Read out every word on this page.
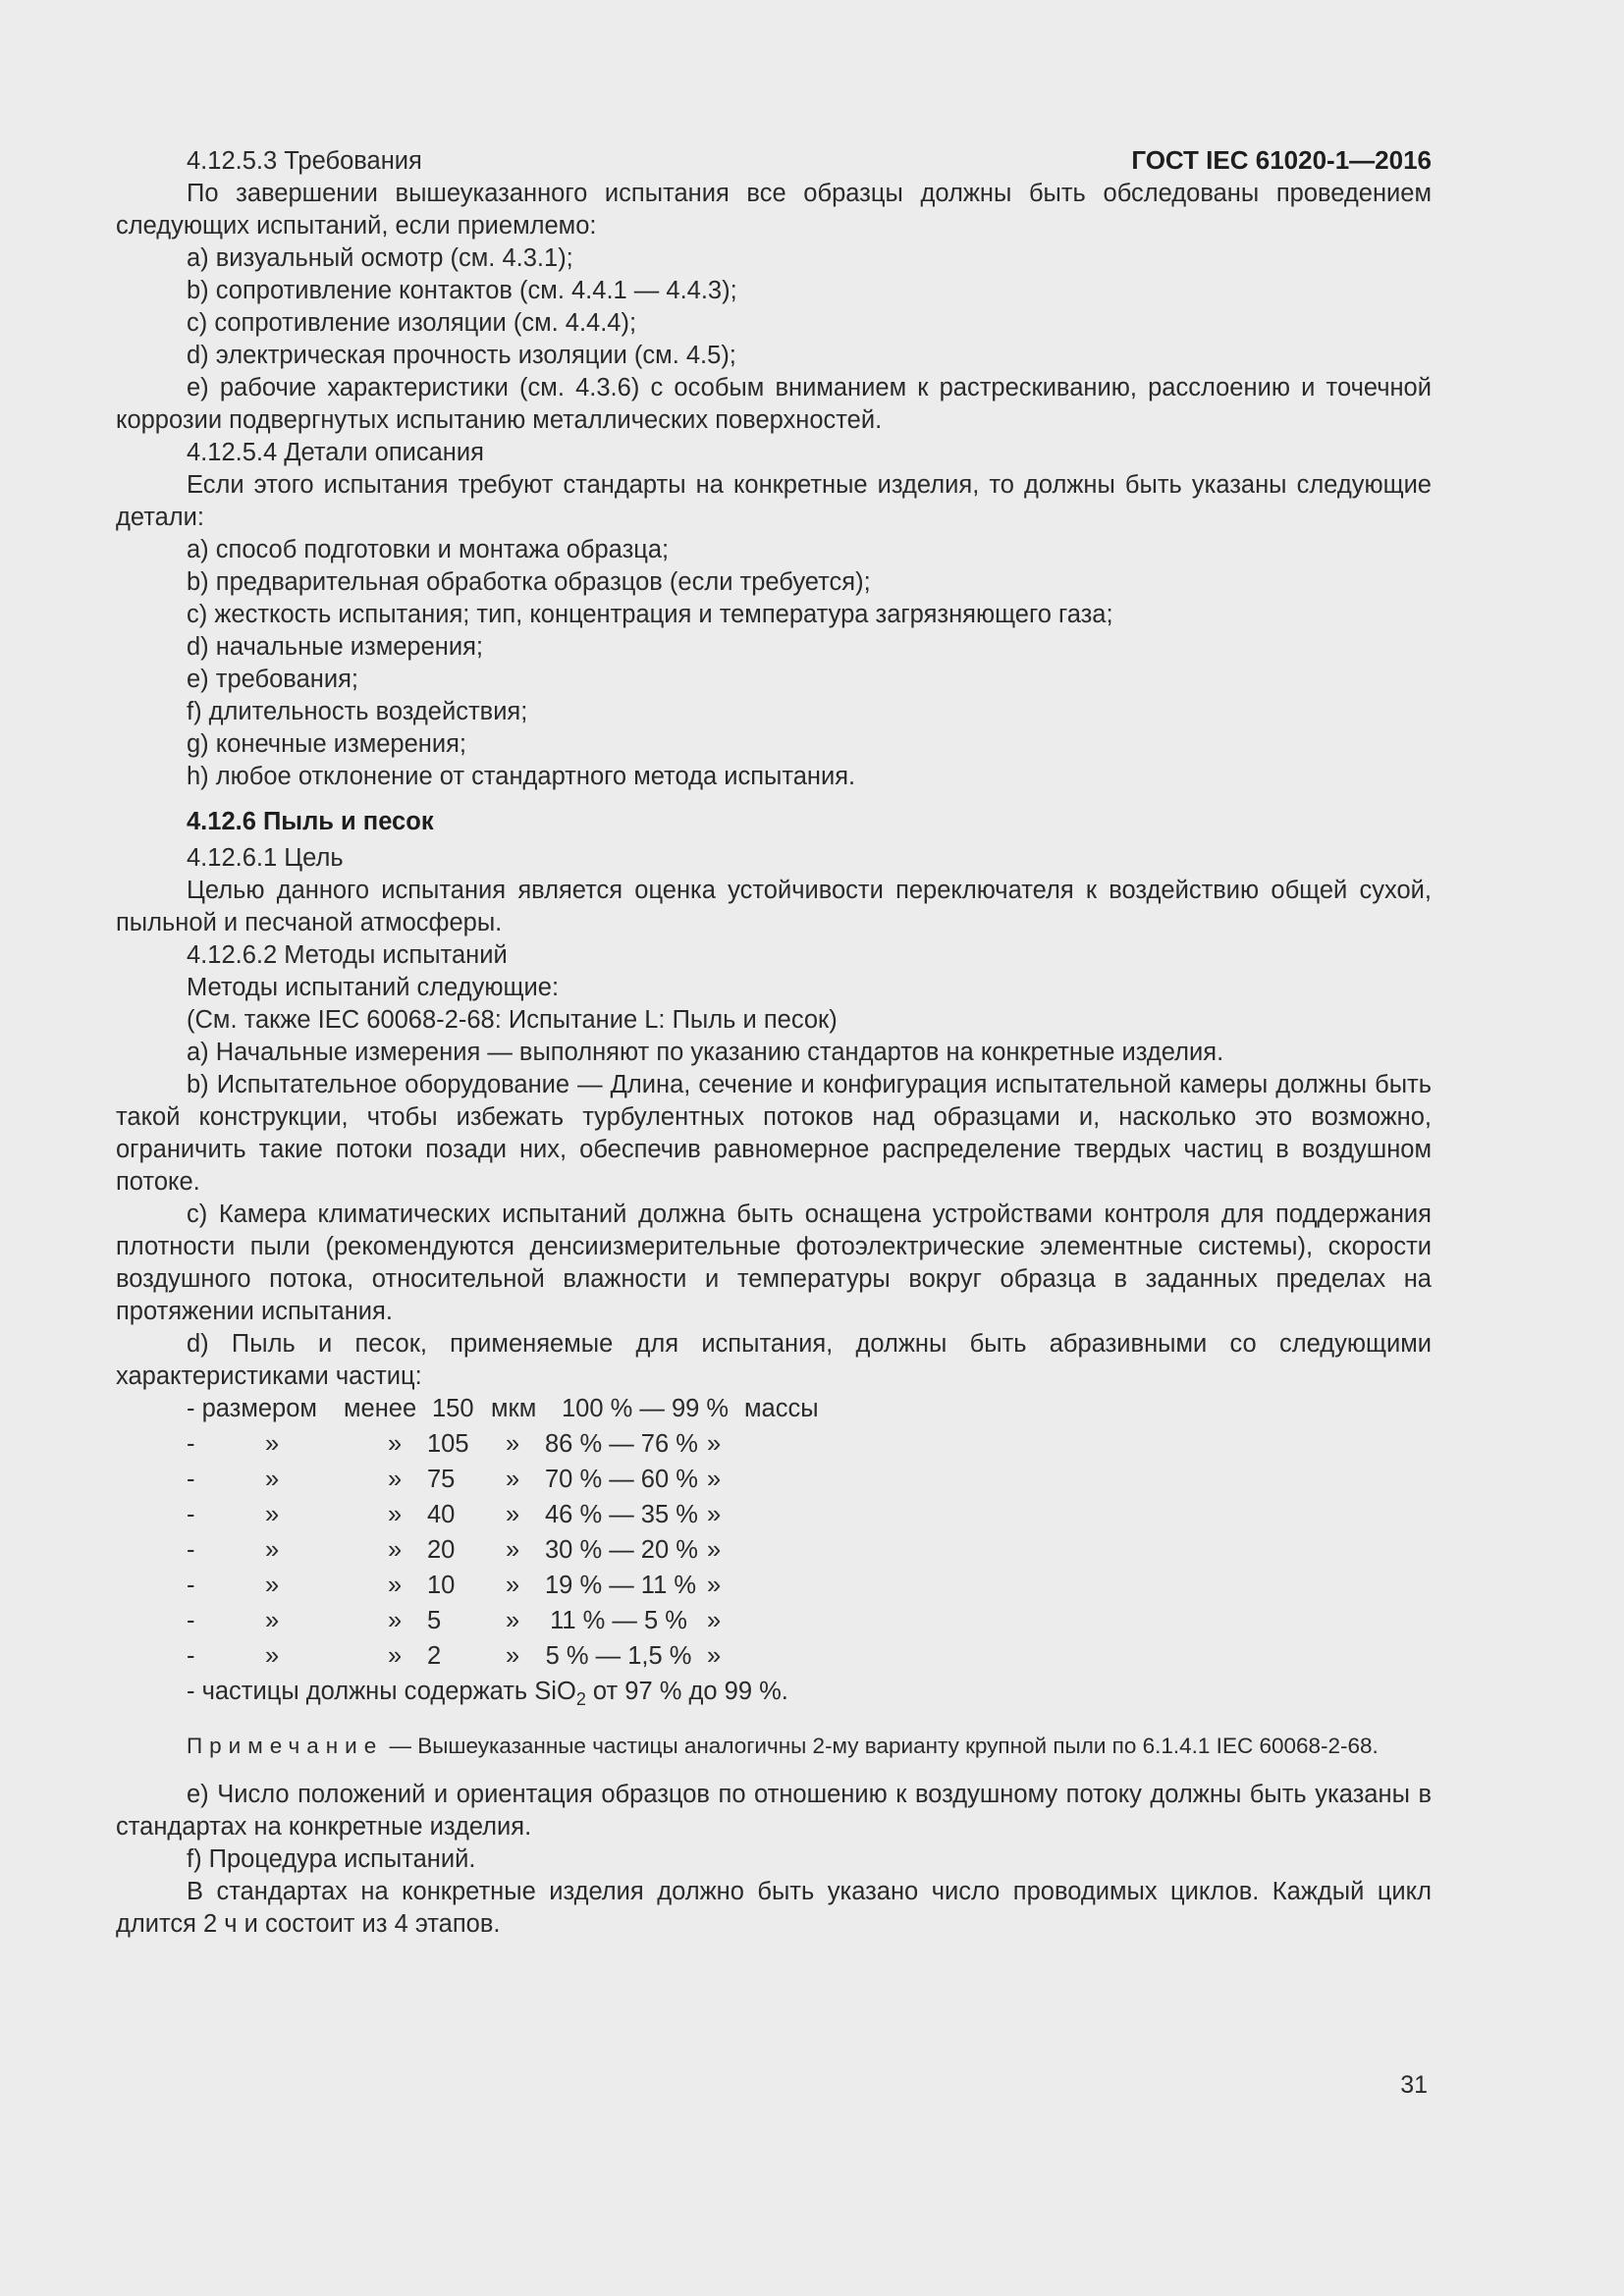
ГОСТ IEC 61020-1—2016

4.12.5.3 Требования

По завершении вышеуказанного испытания все образцы должны быть обследованы проведением следующих испытаний, если приемлемо:

a) визуальный осмотр (см. 4.3.1);

b) сопротивление контактов (см. 4.4.1 — 4.4.3);

c) сопротивление изоляции (см. 4.4.4);

d) электрическая прочность изоляции (см. 4.5);

e) рабочие характеристики (см. 4.3.6) с особым вниманием к растрескиванию, расслоению и точечной коррозии подвергнутых испытанию металлических поверхностей.

4.12.5.4 Детали описания

Если этого испытания требуют стандарты на конкретные изделия, то должны быть указаны следующие детали:

a) способ подготовки и монтажа образца;

b) предварительная обработка образцов (если требуется);

c) жесткость испытания; тип, концентрация и температура загрязняющего газа;

d) начальные измерения;

e) требования;

f) длительность воздействия;

g) конечные измерения;

h) любое отклонение от стандартного метода испытания.

4.12.6 Пыль и песок

4.12.6.1 Цель

Целью данного испытания является оценка устойчивости переключателя к воздействию общей сухой, пыльной и песчаной атмосферы.

4.12.6.2 Методы испытаний

Методы испытаний следующие:

(См. также IEC 60068-2-68: Испытание L: Пыль и песок)

a) Начальные измерения — выполняют по указанию стандартов на конкретные изделия.

b) Испытательное оборудование — Длина, сечение и конфигурация испытательной камеры должны быть такой конструкции, чтобы избежать турбулентных потоков над образцами и, насколько это возможно, ограничить такие потоки позади них, обеспечив равномерное распределение твердых частиц в воздушном потоке.

c) Камера климатических испытаний должна быть оснащена устройствами контроля для поддержания плотности пыли (рекомендуются денсиизмерительные фотоэлектрические элементные системы), скорости воздушного потока, относительной влажности и температуры вокруг образца в заданных пределах на протяжении испытания.

d) Пыль и песок, применяемые для испытания, должны быть абразивными со следующими характеристиками частиц:

- размером	менее	150	мкм	100 % — 99 %	массы

-	»	» 105 » 86 % — 76 % »

-	»	» 75 » 70 % — 60 % »

-	»	» 40 » 46 % — 35 % »

-	»	» 20 » 30 % — 20 % »

-	»	» 10 » 19 % — 11 % »

-	»	» 5	» 11 % — 5 % »

-	»	» 2	» 5 % — 1,5 % »

- частицы должны содержать SiO$_2$ от 97 % до 99 %.

Примечание — Вышеуказанные частицы аналогичны 2-му варианту крупной пыли по 6.1.4.1 IEC 60068-2-68.

e) Число положений и ориентация образцов по отношению к воздушному потоку должны быть указаны в стандартах на конкретные изделия.

f) Процедура испытаний.

В стандартах на конкретные изделия должно быть указано число проводимых циклов. Каждый цикл длится 2 ч и состоит из 4 этапов.

31
